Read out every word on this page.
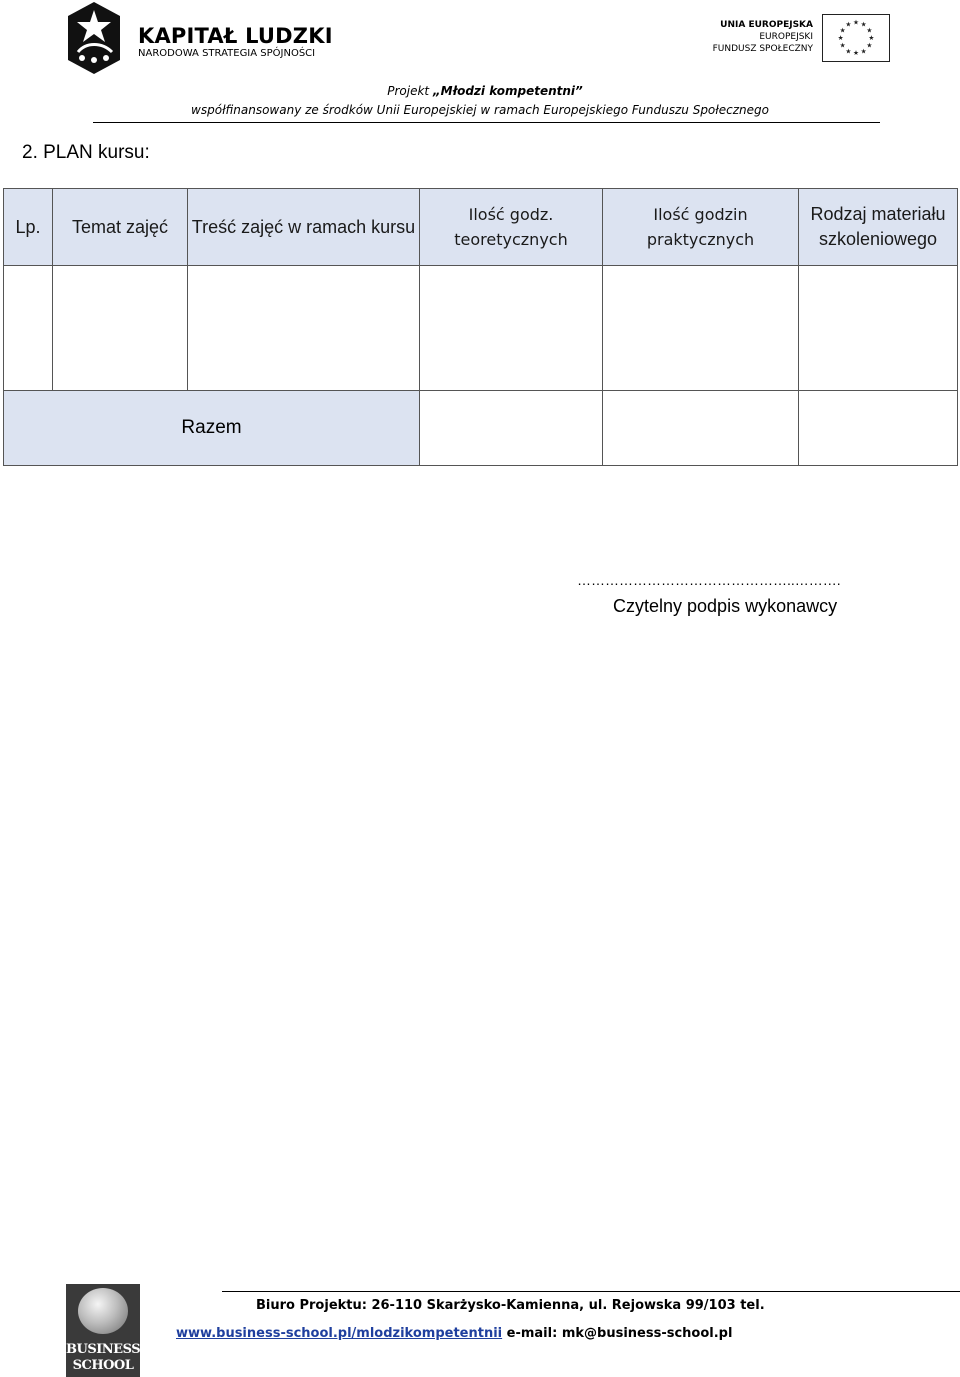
KAPITAŁ LUDZKI
NARODOWA STRATEGIA SPÓJNOŚCI
UNIA EUROPEJSKA
EUROPEJSKI
FUNDUSZ SPOŁECZNY
★ ★
★
★
★
★
★
★
★
★
★
★
Projekt „Młodzi kompetentni”
współfinansowany ze środków Unii Europejskiej w ramach Europejskiego Funduszu Społecznego
2. PLAN kursu:
Lp.	Temat zajęć	Treść zajęć w ramach kursu	Ilość godz. teoretycznych	Ilość godzin praktycznych	Rodzaj materiału szkoleniowego

Razem					
………………………………………..……….
Czytelny podpis wykonawcy
BUSINESS
SCHOOL
Biuro Projektu: 26-110 Skarżysko-Kamienna, ul. Rejowska 99/103 tel.
www.business-school.pl/mlodzikompetentnii e-mail: mk@business-school.pl
